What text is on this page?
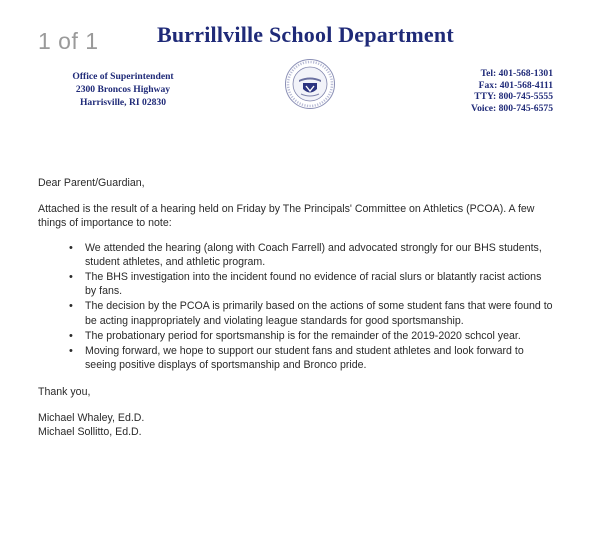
1 of 1	Burrillville School Department
Office of Superintendent
2300 Broncos Highway
Harrisville, RI 02830
Tel: 401-568-1301
Fax: 401-568-4111
TTY: 800-745-5555
Voice: 800-745-6575

Dear Parent/Guardian,

Attached is the result of a hearing held on Friday by The Principals' Committee on Athletics (PCOA). A few things of importance to note:

• We attended the hearing (along with Coach Farrell) and advocated strongly for our BHS students, student athletes, and athletic program.
• The BHS investigation into the incident found no evidence of racial slurs or blatantly racist actions by fans.
• The decision by the PCOA is primarily based on the actions of some student fans that were found to be acting inappropriately and violating league standards for good sportsmanship.
• The probationary period for sportsmanship is for the remainder of the 2019-2020 schcol year.
• Moving forward, we hope to support our student fans and student athletes and look forward to seeing positive displays of sportsmanship and Bronco pride.

Thank you,

Michael Whaley, Ed.D.

Michael Sollitto, Ed.D.
